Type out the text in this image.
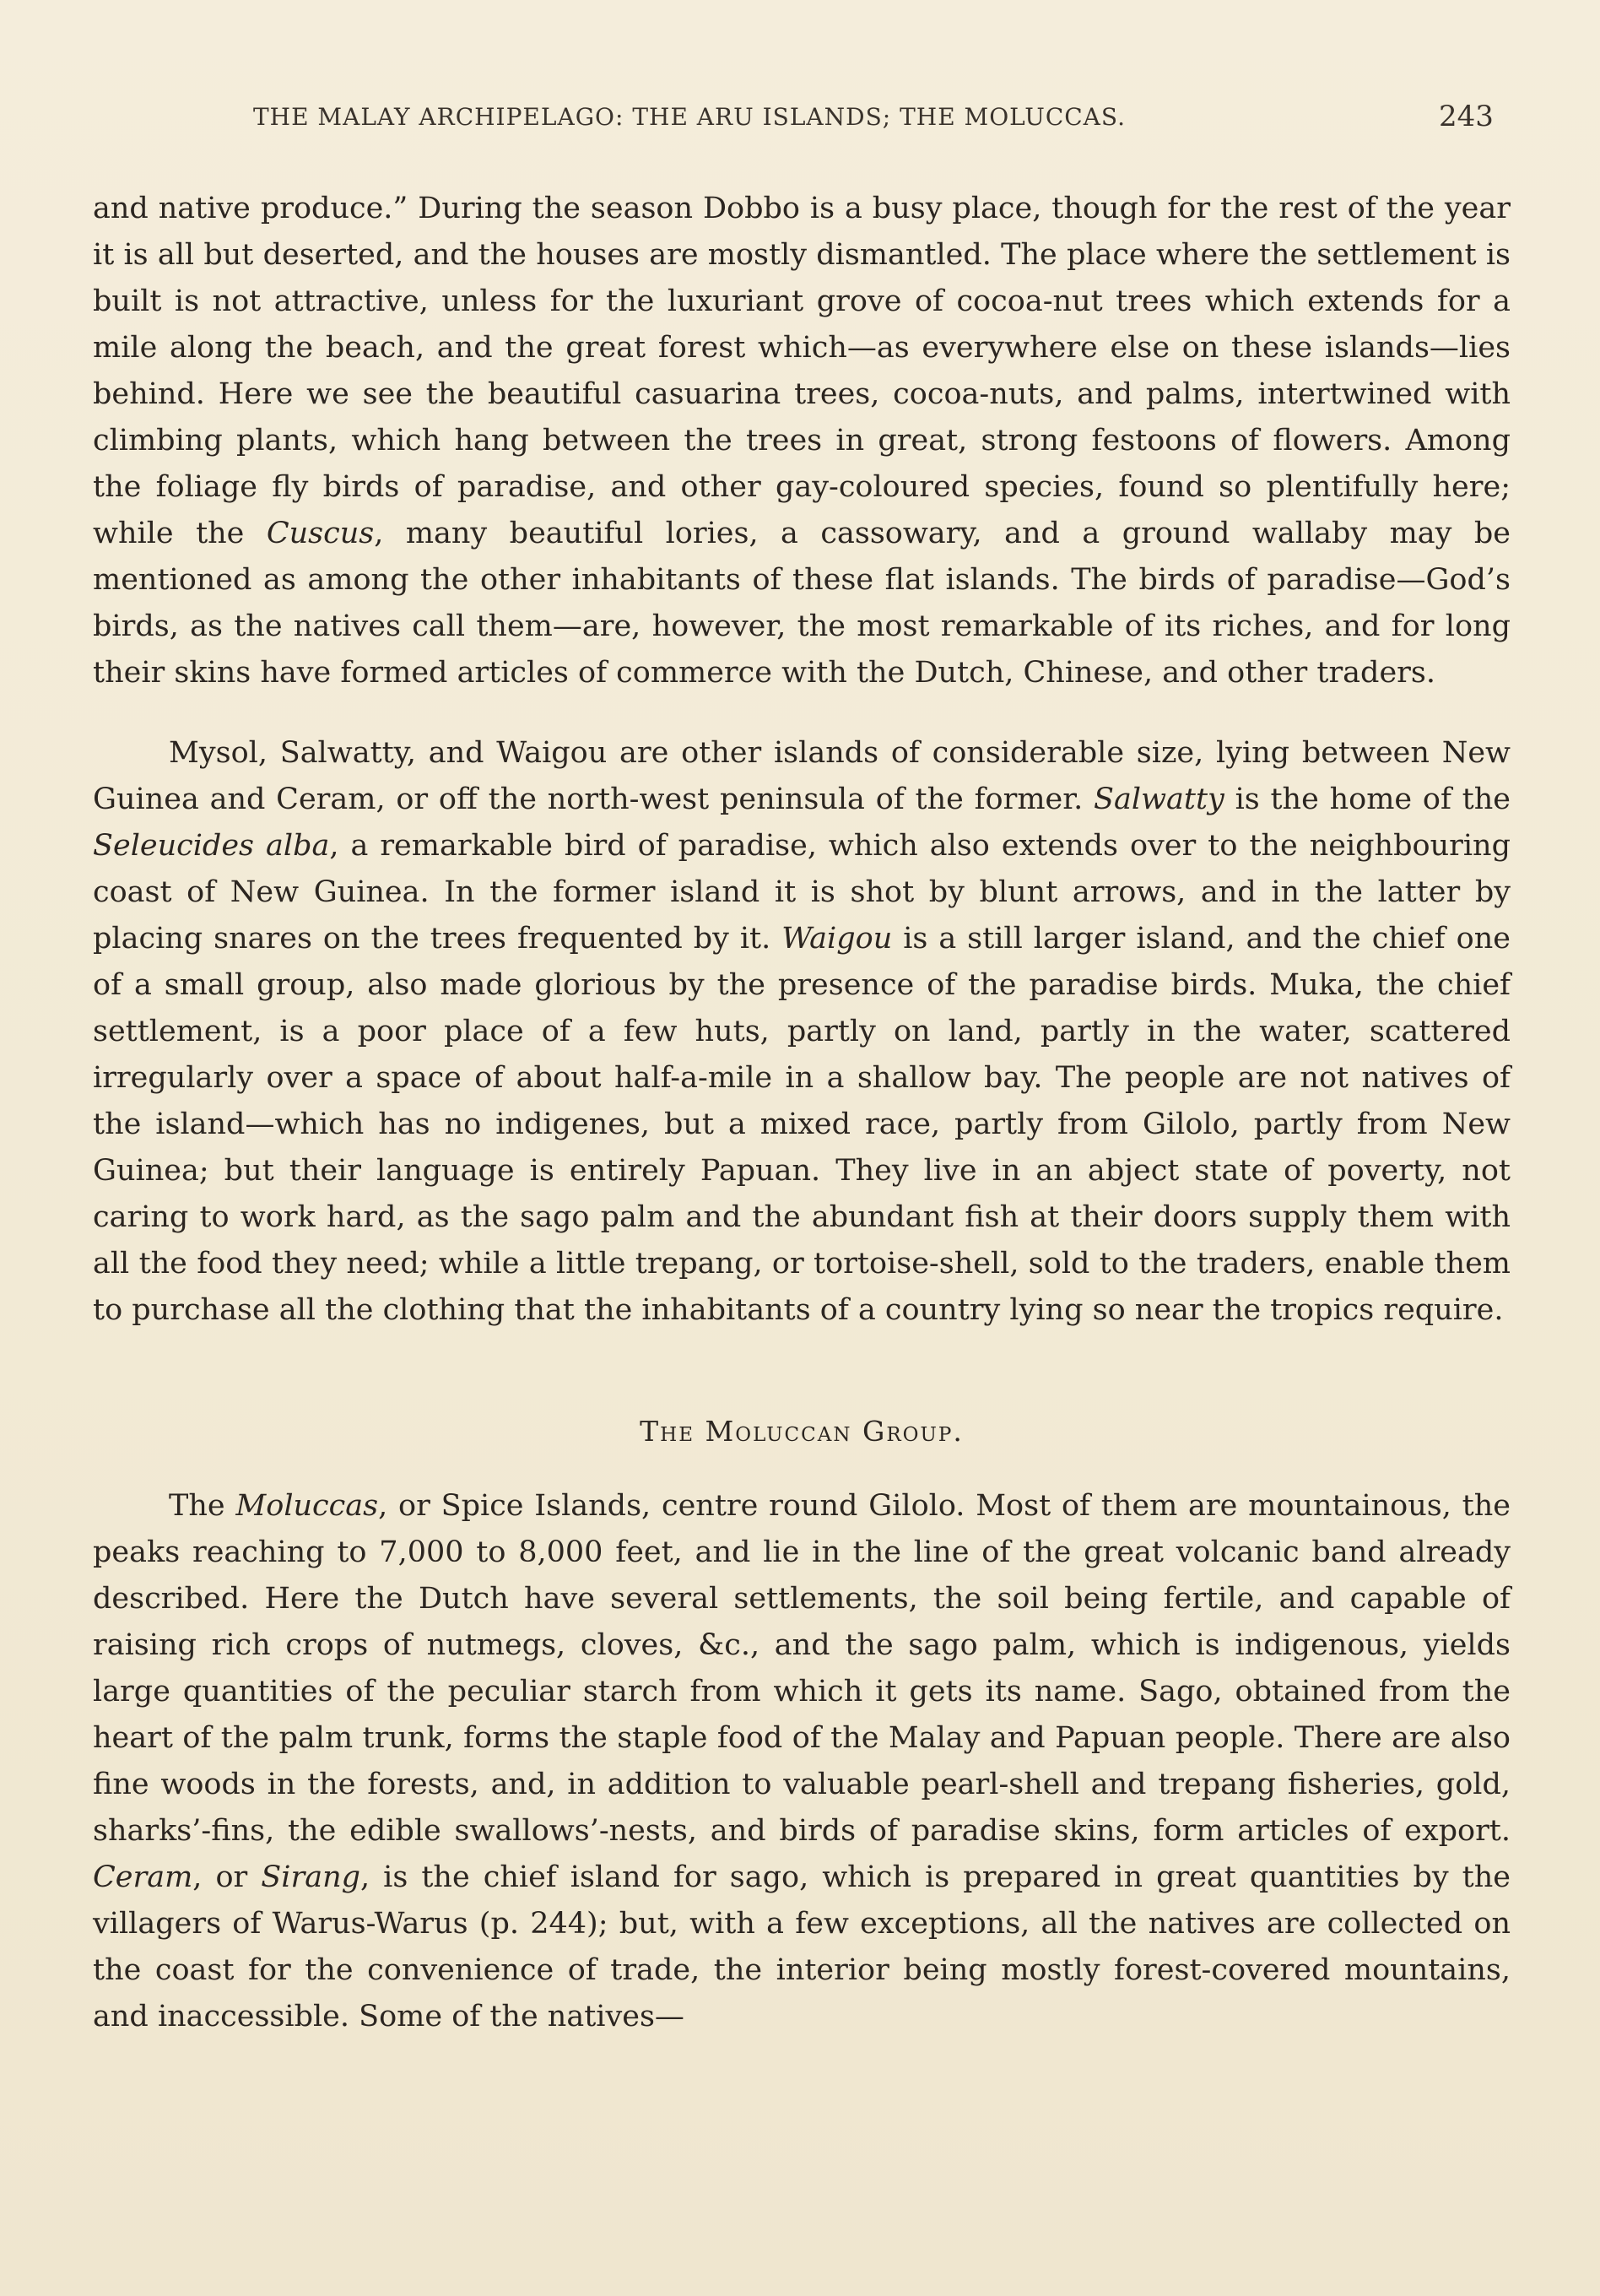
THE MALAY ARCHIPELAGO: THE ARU ISLANDS; THE MOLUCCAS.	243

and native produce.” During the season Dobbo is a busy place, though for the rest of the year it is all but deserted, and the houses are mostly dismantled. The place where the settlement is built is not attractive, unless for the luxuriant grove of cocoa-nut trees which extends for a mile along the beach, and the great forest which—as everywhere else on these islands—lies behind. Here we see the beautiful casuarina trees, cocoa-nuts, and palms, intertwined with climbing plants, which hang between the trees in great, strong festoons of flowers. Among the foliage fly birds of paradise, and other gay-coloured species, found so plentifully here; while the Cuscus, many beautiful lories, a cassowary, and a ground wallaby may be mentioned as among the other inhabitants of these flat islands. The birds of paradise—God’s birds, as the natives call them—are, however, the most remarkable of its riches, and for long their skins have formed articles of commerce with the Dutch, Chinese, and other traders.

Mysol, Salwatty, and Waigou are other islands of considerable size, lying between New Guinea and Ceram, or off the north-west peninsula of the former. Salwatty is the home of the Seleucides alba, a remarkable bird of paradise, which also extends over to the neighbouring coast of New Guinea. In the former island it is shot by blunt arrows, and in the latter by placing snares on the trees frequented by it. Waigou is a still larger island, and the chief one of a small group, also made glorious by the presence of the paradise birds. Muka, the chief settlement, is a poor place of a few huts, partly on land, partly in the water, scattered irregularly over a space of about half-a-mile in a shallow bay. The people are not natives of the island—which has no indigenes, but a mixed race, partly from Gilolo, partly from New Guinea; but their language is entirely Papuan. They live in an abject state of poverty, not caring to work hard, as the sago palm and the abundant fish at their doors supply them with all the food they need; while a little trepang, or tortoise-shell, sold to the traders, enable them to purchase all the clothing that the inhabitants of a country lying so near the tropics require.

The Moluccan Group.

The Moluccas, or Spice Islands, centre round Gilolo. Most of them are mountainous, the peaks reaching to 7,000 to 8,000 feet, and lie in the line of the great volcanic band already described. Here the Dutch have several settlements, the soil being fertile, and capable of raising rich crops of nutmegs, cloves, &c., and the sago palm, which is indigenous, yields large quantities of the peculiar starch from which it gets its name. Sago, obtained from the heart of the palm trunk, forms the staple food of the Malay and Papuan people. There are also fine woods in the forests, and, in addition to valuable pearl-shell and trepang fisheries, gold, sharks’-fins, the edible swallows’-nests, and birds of paradise skins, form articles of export. Ceram, or Sirang, is the chief island for sago, which is prepared in great quantities by the villagers of Warus-Warus (p. 244); but, with a few exceptions, all the natives are collected on the coast for the convenience of trade, the interior being mostly forest-covered mountains, and inaccessible. Some of the natives—
